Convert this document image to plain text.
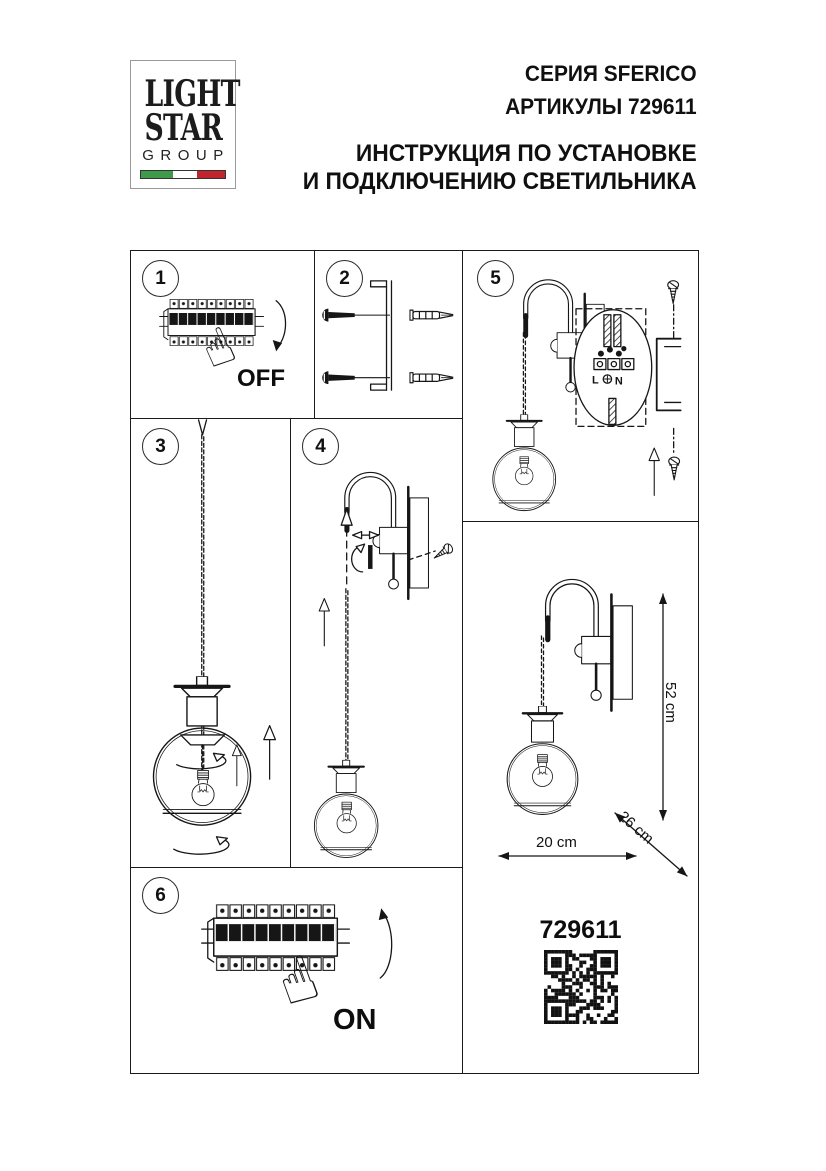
LIGHT
STAR
GROUP
СЕРИЯ SFERICO
АРТИКУЛЫ 729611
ИНСТРУКЦИЯ ПО УСТАНОВКЕ
И ПОДКЛЮЧЕНИЮ СВЕТИЛЬНИКА
1
☝
OFF
2	5
L N
3	4
6
☝ ON
52 cm
26 cm
20 cm
729611
